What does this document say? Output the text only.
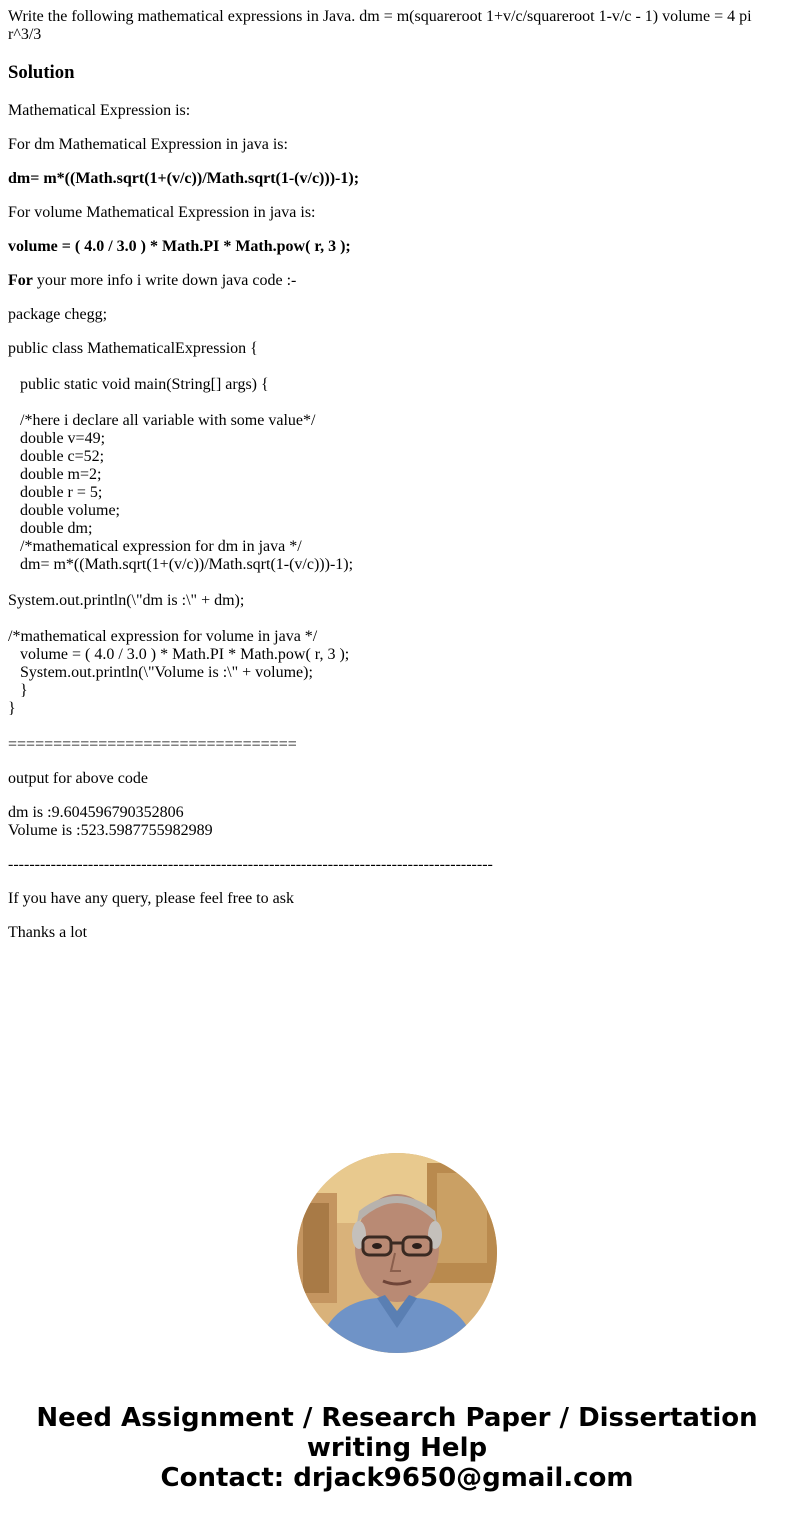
Write the following mathematical expressions in Java. dm = m(squareroot 1+v/c/squareroot 1-v/c - 1) volume = 4 pi r^3/3

Solution

Mathematical Expression is:

For dm Mathematical Expression in java is:

dm= m*((Math.sqrt(1+(v/c))/Math.sqrt(1-(v/c)))-1);

For volume Mathematical Expression in java is:

volume = ( 4.0 / 3.0 ) * Math.PI * Math.pow( r, 3 );

For your more info i write down java code :-

package chegg;

public class MathematicalExpression {

public static void main(String[] args) {

/*here i declare all variable with some value*/
double v=49;
double c=52;
double m=2;
double r = 5;
double volume;
double dm;
/*mathematical expression for dm in java */
dm= m*((Math.sqrt(1+(v/c))/Math.sqrt(1-(v/c)))-1);

System.out.println(\"dm is :\" + dm);

/*mathematical expression for volume in java */
volume = ( 4.0 / 3.0 ) * Math.PI * Math.pow( r, 3 );
System.out.println(\"Volume is :\" + volume);
}
}

================================

output for above code

dm is :9.604596790352806
Volume is :523.5987755982989

-------------------------------------------------------------------------------------------

If you have any query, please feel free to ask

Thanks a lot

Need Assignment / Research Paper / Dissertation
writing Help
Contact: drjack9650@gmail.com
